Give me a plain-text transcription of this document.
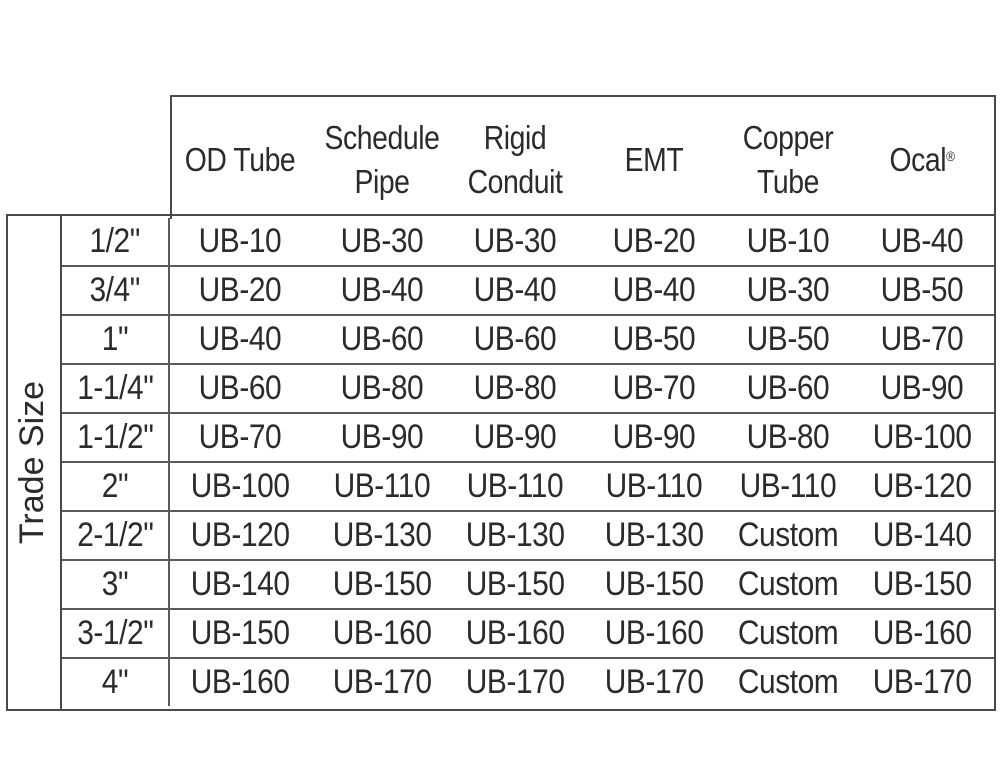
Trade Size
OD Tube
Schedule
Pipe
Rigid
Conduit
EMT
Copper
Tube
Ocal®
1/2" UB-10 UB-30 UB-30 UB-20 UB-10 UB-40
3/4" UB-20 UB-40 UB-40 UB-40 UB-30 UB-50
1" UB-40 UB-60 UB-60 UB-50 UB-50 UB-70
1-1/4" UB-60 UB-80 UB-80 UB-70 UB-60 UB-90
1-1/2" UB-70 UB-90 UB-90 UB-90 UB-80 UB-100
2" UB-100 UB-110 UB-110 UB-110 UB-110 UB-120
2-1/2" UB-120 UB-130 UB-130 UB-130 Custom UB-140
3" UB-140 UB-150 UB-150 UB-150 Custom UB-150
3-1/2" UB-150 UB-160 UB-160 UB-160 Custom UB-160
4" UB-160 UB-170 UB-170 UB-170 Custom UB-170
